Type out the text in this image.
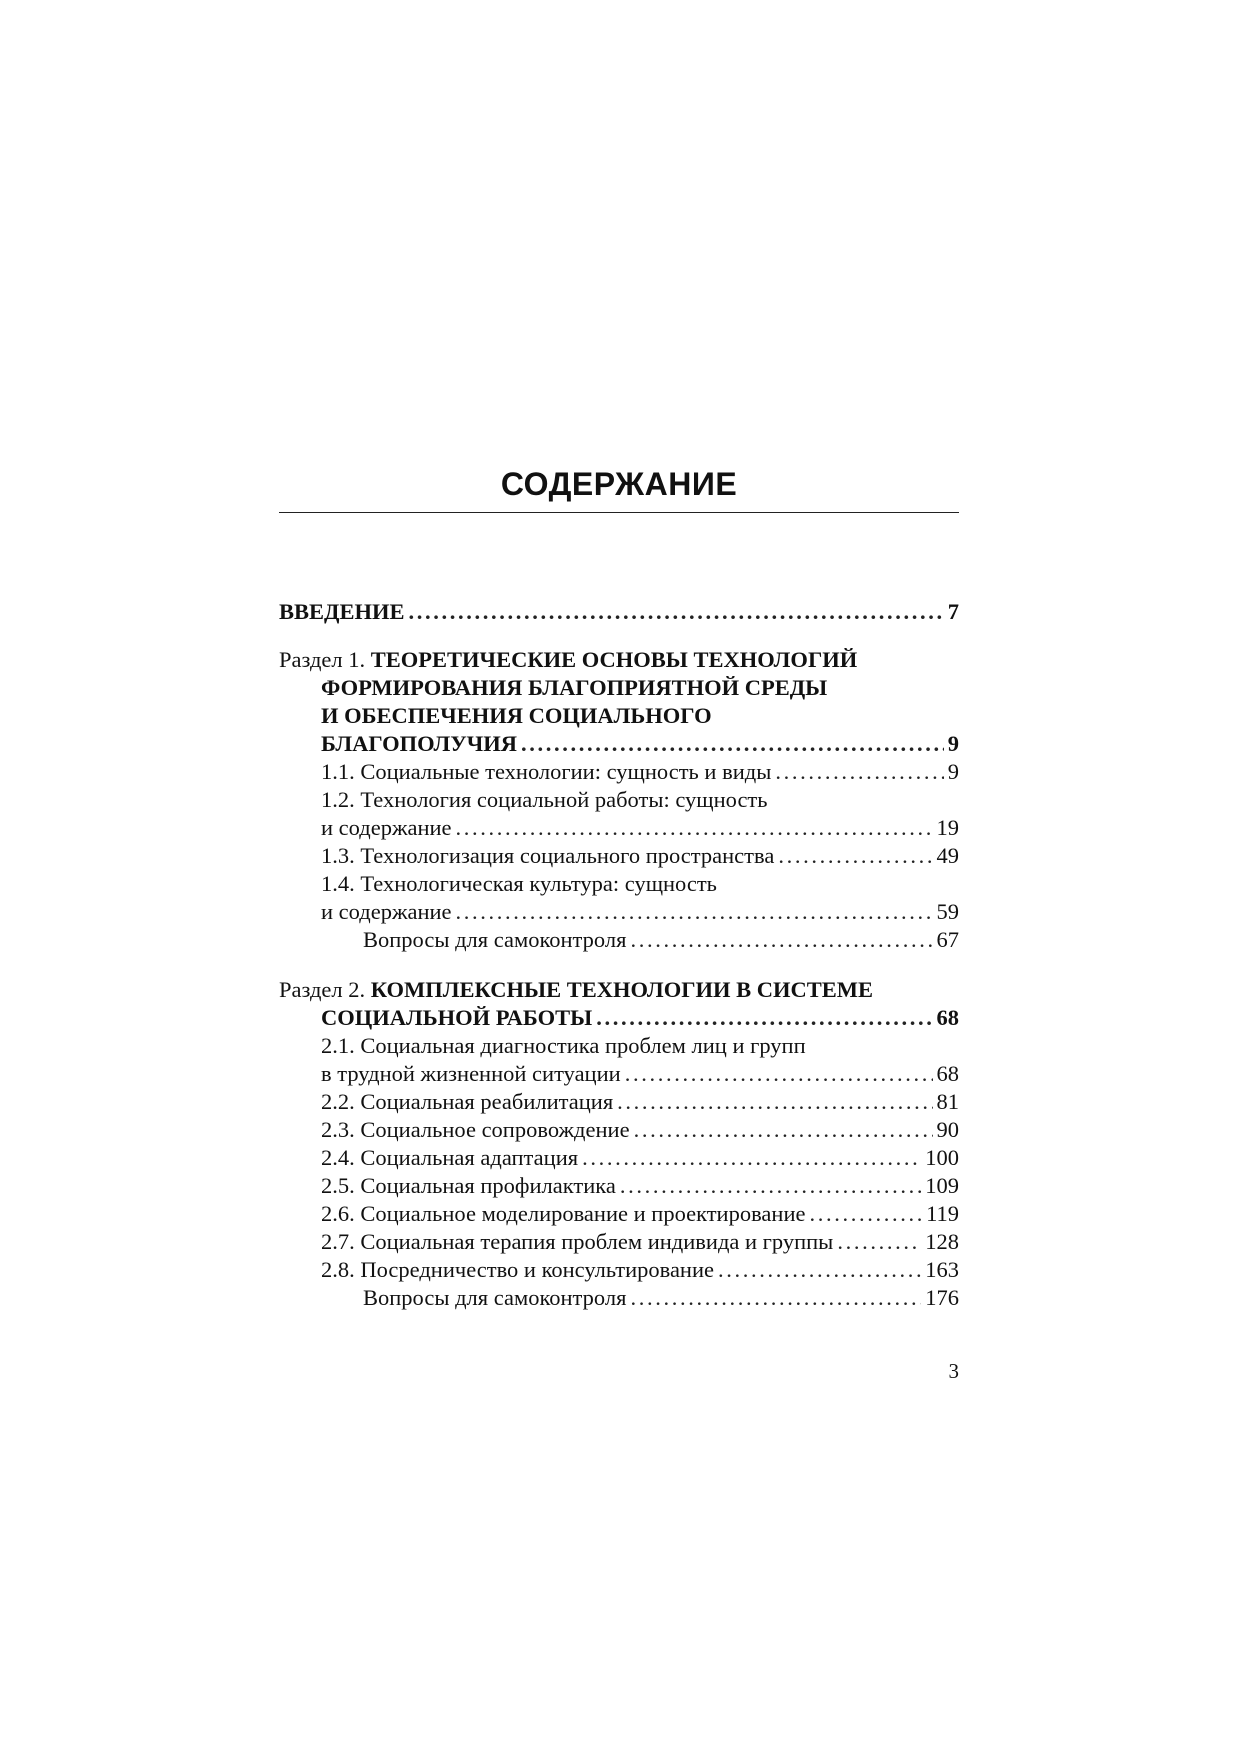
СОДЕРЖАНИЕ
ВВЕДЕНИЕ . . .	7
Раздел 1. ТЕОРЕТИЧЕСКИЕ ОСНОВЫ ТЕХНОЛОГИЙ
ФОРМИРОВАНИЯ БЛАГОПРИЯТНОЙ СРЕДЫ
И ОБЕСПЕЧЕНИЯ СОЦИАЛЬНОГО
БЛАГОПОЛУЧИЯ . . .	9
1.1. Социальные технологии: сущность и виды . . .	9
1.2. Технология социальной работы: сущность
и содержание . . .	19
1.3. Технологизация социального пространства . . .	49
1.4. Технологическая культура: сущность
и содержание . . .	59
Вопросы для самоконтроля . . .	67
Раздел 2. КОМПЛЕКСНЫЕ ТЕХНОЛОГИИ В СИСТЕМЕ
СОЦИАЛЬНОЙ РАБОТЫ . . .	68
2.1. Социальная диагностика проблем лиц и групп
в трудной жизненной ситуации . . .	68
2.2. Социальная реабилитация . . .	81
2.3. Социальное сопровождение . . .	90
2.4. Социальная адаптация . . .	100
2.5. Социальная профилактика . . .	109
2.6. Социальное моделирование и проектирование . . .	119
2.7. Социальная терапия проблем индивида и группы . . .	128
2.8. Посредничество и консультирование . . .	163
Вопросы для самоконтроля . . .	176
3
